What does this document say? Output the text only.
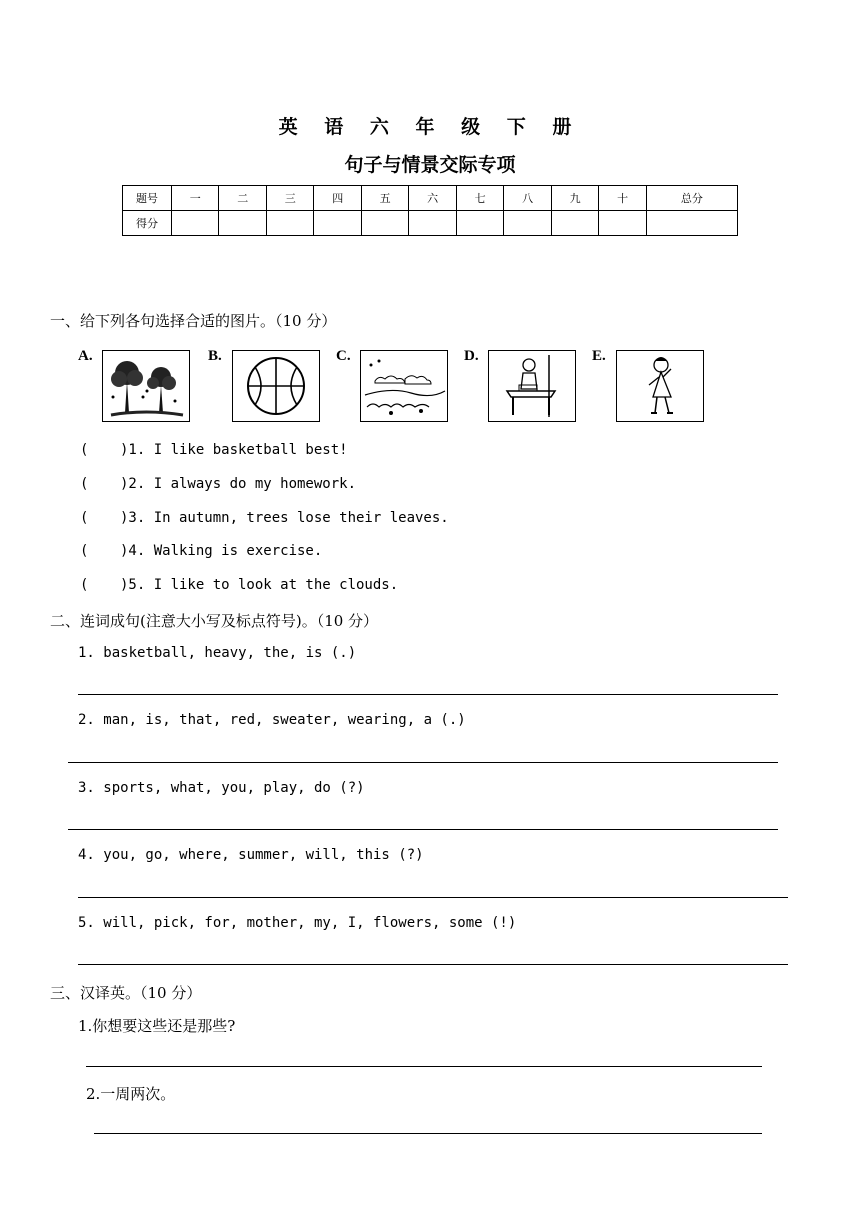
英 语 六 年 级 下 册
句子与情景交际专项
题号	一	二	三	四	五	六	七	八	九	十	总分
得分											
一、给下列各句选择合适的图片。（10 分）
A.	B.	C.	D.	E.
( )1. I like basketball best!
( )2. I always do my homework.
( )3. In autumn, trees lose their leaves.
( )4. Walking is exercise.
( )5. I like to look at the clouds.
二、连词成句(注意大小写及标点符号)。（10 分）
1. basketball, heavy, the, is (.)
2. man, is, that, red, sweater, wearing, a (.)
3. sports, what, you, play, do (?)
4. you, go, where, summer, will, this (?)
5. will, pick, for, mother, my, I, flowers, some (!)
三、汉译英。（10 分）
1.你想要这些还是那些?
2.一周两次。
